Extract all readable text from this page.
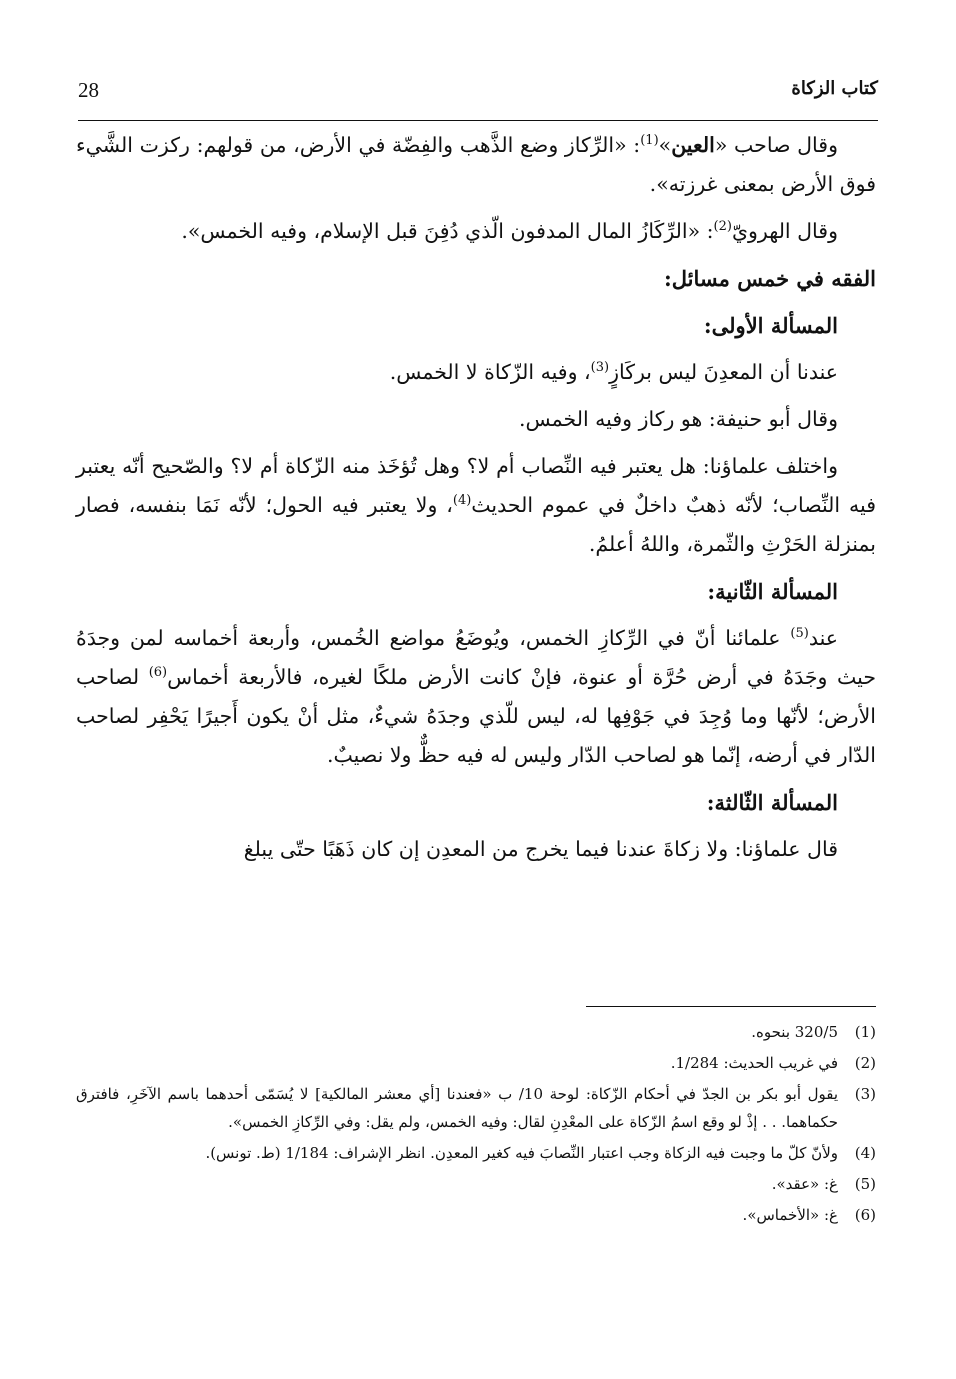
28	كتاب الزكاة

وقال صاحب «العين»$^{(1)}$: «الرِّكاز وضع الذَّهب والفِضّة في الأرض، من قولهم: ركزت الشَّيء فوق الأرض بمعنى غرزته».

وقال الهرويّ$^{(2)}$: «الرِّكَازُ المال المدفون الّذي دُفِنَ قبل الإسلام، وفيه الخمس».

الفقه في خمس مسائل:
المسألة الأولى:

عندنا أن المعدِنَ ليس بركَازٍ$^{(3)}$، وفيه الزّكاة لا الخمس.

وقال أبو حنيفة: هو ركاز وفيه الخمس.

واختلف علماؤنا: هل يعتبر فيه النِّصاب أم لا؟ وهل تُؤخَذ منه الزّكاة أم لا؟ والصّحيح أنّه يعتبر فيه النِّصاب؛ لأنّه ذهبٌ داخلٌ في عموم الحديث$^{(4)}$، ولا يعتبر فيه الحول؛ لأنّه نَمَا بنفسه، فصار بمنزلة الحَرْثِ والثّمرة، واللهُ أعلمُ.

المسألة الثّانية:

عند$^{(5)}$ علمائنا أنّ في الرِّكازِ الخمس، ويُوضَعُ مواضع الخُمس، وأربعة أخماسه لمن وجدَهُ حيث وجَدَهُ في أرض حُرَّة أو عنوة، فإنْ كانت الأرض ملكًا لغيره، فالأربعة أخماس$^{(6)}$ لصاحب الأرض؛ لأنّها وما وُجِدَ في جَوْفِها له، ليس للّذي وجدَهُ شيءٌ، مثل أنْ يكون أَجيرًا يَحْفِر لصاحب الدّار في أرضه، إنّما هو لصاحب الدّار وليس له فيه حظٌّ ولا نصيبٌ.

المسألة الثّالثة:

قال علماؤنا: ولا زكاةَ عندنا فيما يخرج من المعدِن إن كان ذَهَبًا حتّى يبلغ

(1)
320/5 بنحوه.
(2)
في غريب الحديث: 1/284.
(3)
يقول أبو بكر بن الجدّ في أحكام الزّكاة: لوحة 10/ ب «فعندنا [أي معشر المالكية] لا يُسَمّى أحدهما باسم الآخَرِ، فافترق حكماهما. . . إذْ لو وقع اسمُ الزّكاة على المعْدِنِ لقال: وفيه الخمس، ولم يقل: وفي الرِّكازِ الخمس».
(4)
ولأنّ كلّ ما وجبت فيه الزكاة وجب اعتبار النِّصابَ فيه كغير المعدِن. انظر الإشراف: 1/184 (ط. تونس).
(5)
غ: «عقد».
(6)
غ: «الأخماس».
